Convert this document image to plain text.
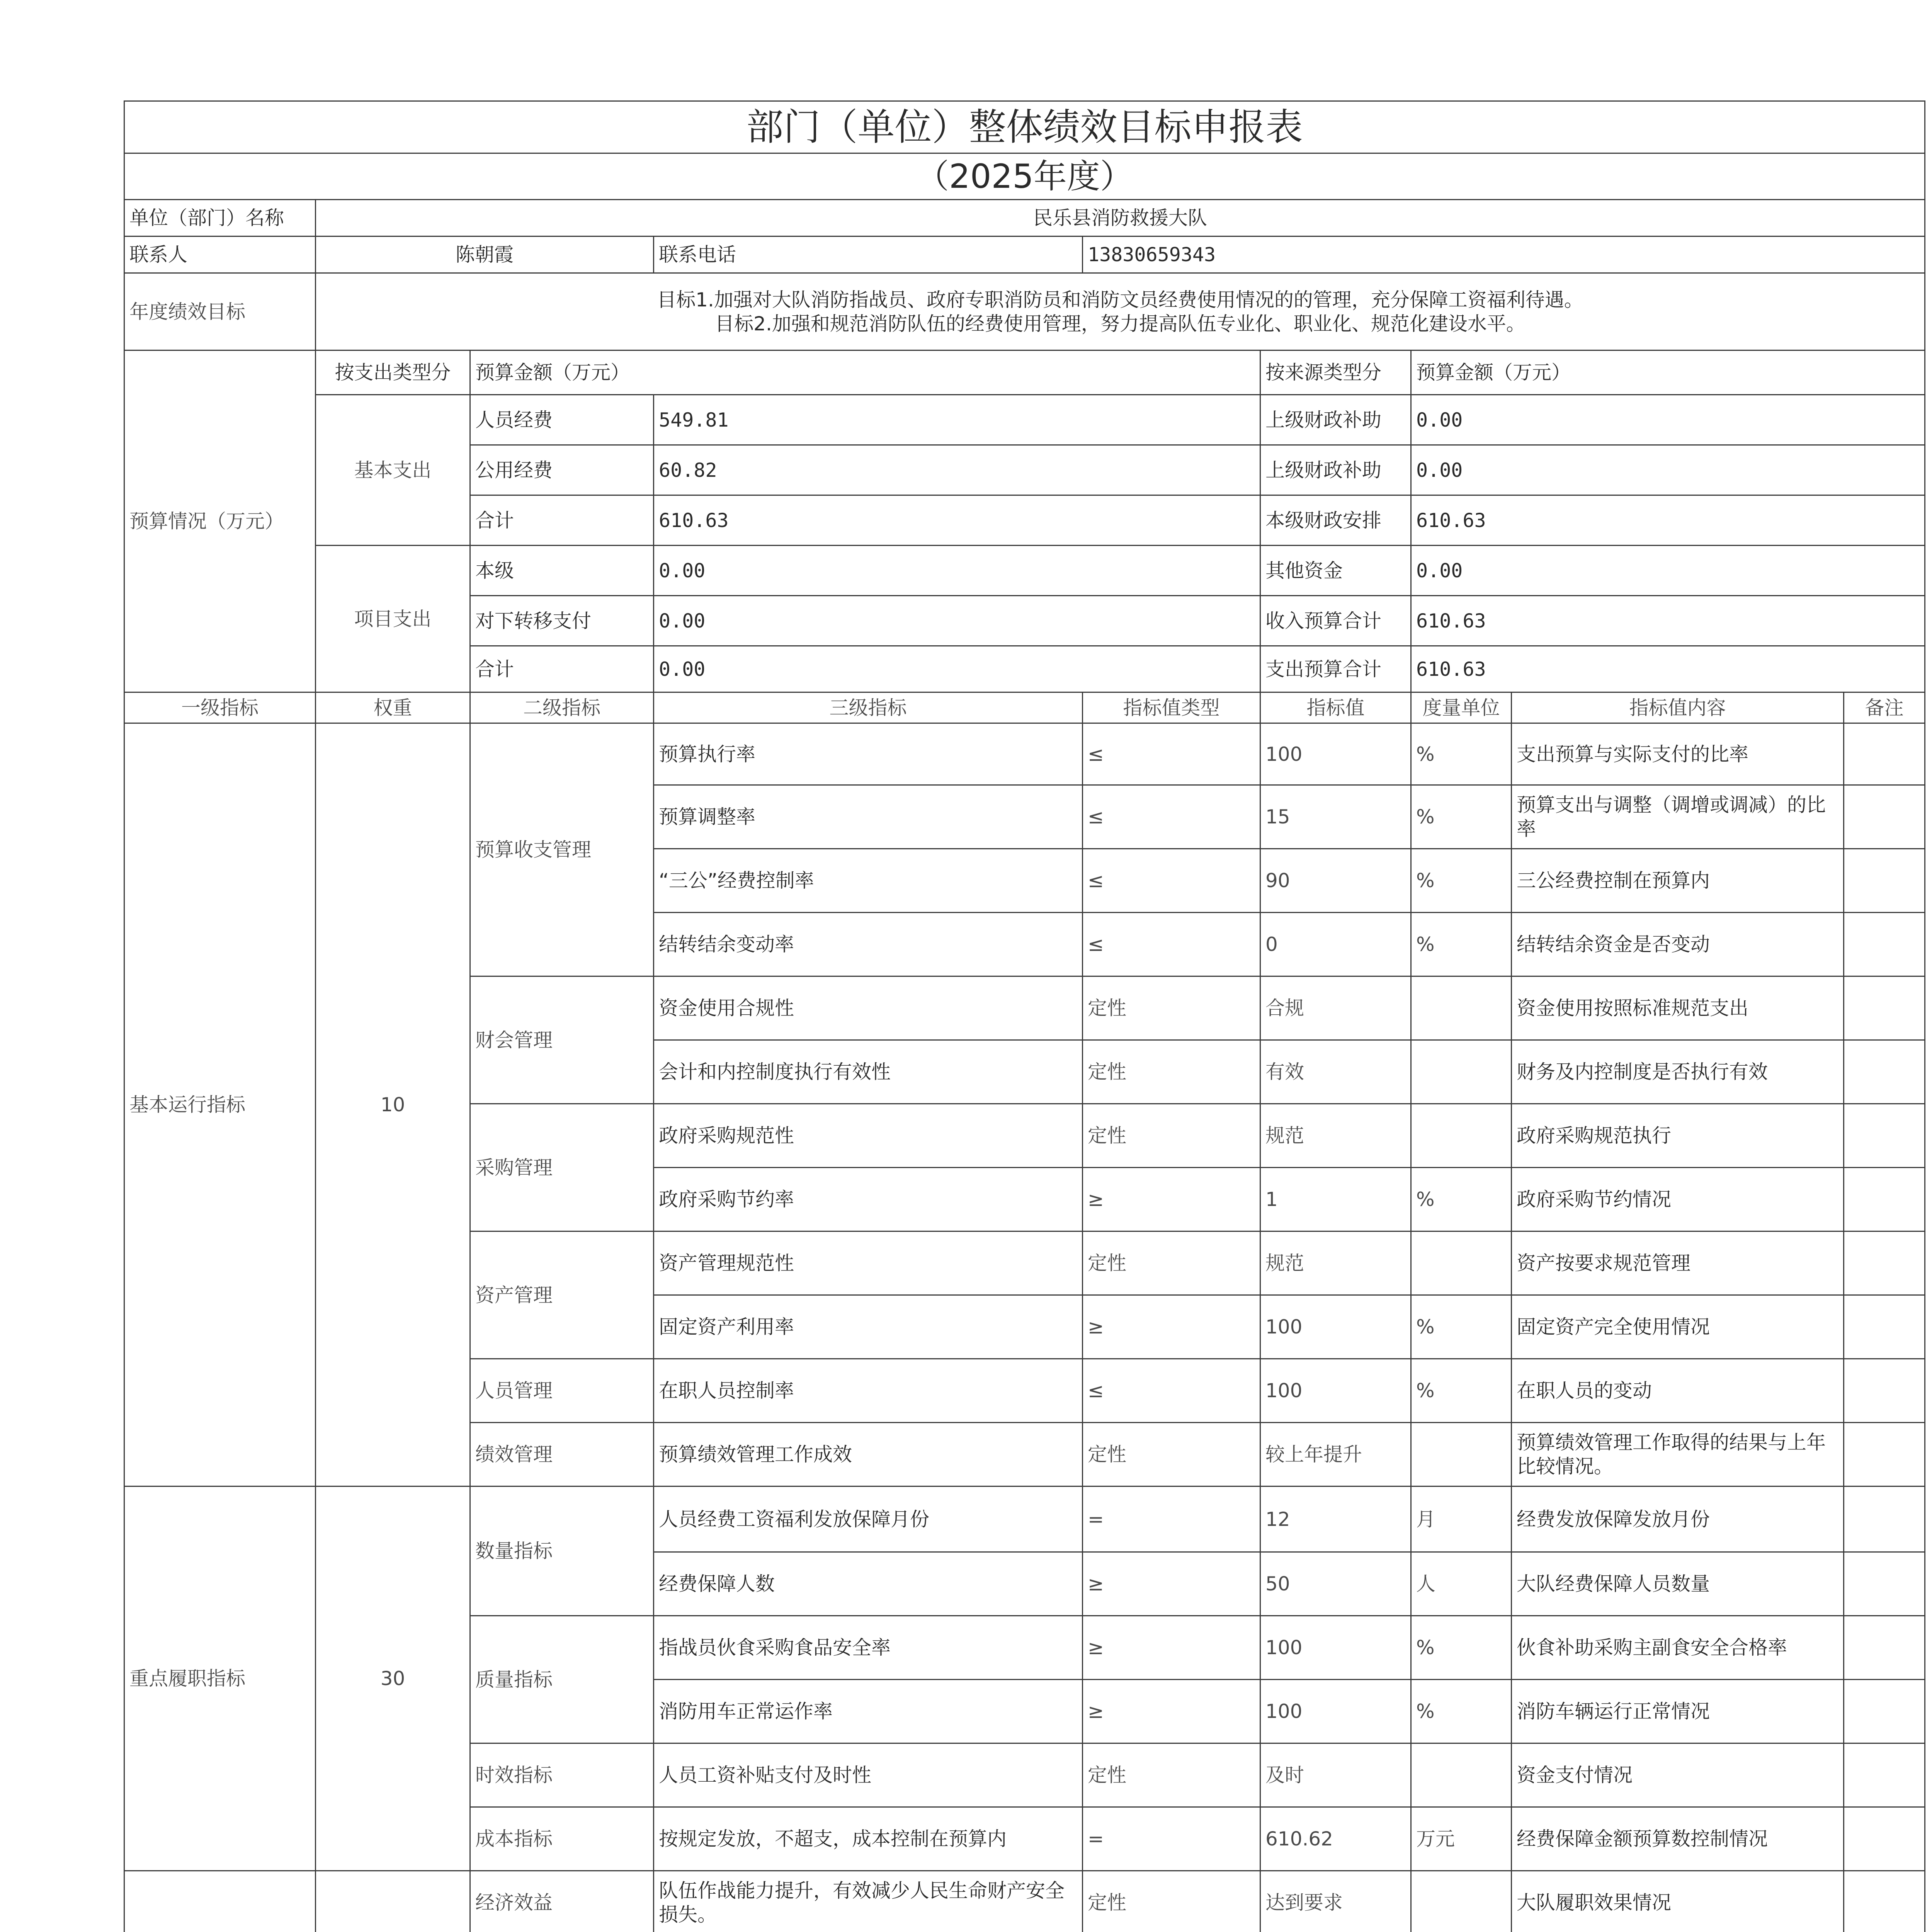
部门（单位）整体绩效目标申报表								
（2025年度）								
单位（部门）名称	民乐县消防救援大队							
联系人	陈朝霞		联系电话	13830659343				
年度绩效目标	目标1.加强对大队消防指战员、政府专职消防员和消防文员经费使用情况的的管理，充分保障工资福利待遇。
目标2.加强和规范消防队伍的经费使用管理，努力提高队伍专业化、职业化、规范化建设水平。							

预算情况（万元）	按支出类型分	预算金额（万元）			按来源类型分	预算金额（万元）		
	基本支出	人员经费	549.81		上级财政补助	0.00		
		公用经费	60.82		上级财政补助	0.00		
		合计	610.63		本级财政安排	610.63		
	项目支出	本级	0.00		其他资金	0.00		
		对下转移支付	0.00		收入预算合计	610.63		
		合计	0.00		支出预算合计	610.63		
一级指标	权重	二级指标	三级指标	指标值类型	指标值	度量单位	指标值内容	备注
基本运行指标	10	预算收支管理	预算执行率	≤	100	%	支出预算与实际支付的比率	
			预算调整率	≤	15	%	预算支出与调整（调增或调减）的比率	
			“三公”经费控制率	≤	90	%	三公经费控制在预算内	
			结转结余变动率	≤	0	%	结转结余资金是否变动	
		财会管理	资金使用合规性	定性	合规		资金使用按照标准规范支出	
			会计和内控制度执行有效性	定性	有效		财务及内控制度是否执行有效	
		采购管理	政府采购规范性	定性	规范		政府采购规范执行	
			政府采购节约率	≥	1	%	政府采购节约情况	
		资产管理	资产管理规范性	定性	规范		资产按要求规范管理	
			固定资产利用率	≥	100	%	固定资产完全使用情况	
		人员管理	在职人员控制率	≤	100	%	在职人员的变动	
		绩效管理	预算绩效管理工作成效	定性	较上年提升		预算绩效管理工作取得的结果与上年比较情况。	
重点履职指标	30	数量指标	人员经费工资福利发放保障月份	=	12	月	经费发放保障发放月份	
			经费保障人数	≥	50	人	大队经费保障人员数量	
		质量指标	指战员伙食采购食品安全率	≥	100	%	伙食补助采购主副食安全合格率	
			消防用车正常运作率	≥	100	%	消防车辆运行正常情况	
		时效指标	人员工资补贴支付及时性	定性	及时		资金支付情况	
		成本指标	按规定发放，不超支，成本控制在预算内	=	610.62	万元	经费保障金额预算数控制情况	
		经济效益	队伍作战能力提升，有效减少人民生命财产安全损失。	定性	达到要求		大队履职效果情况	
